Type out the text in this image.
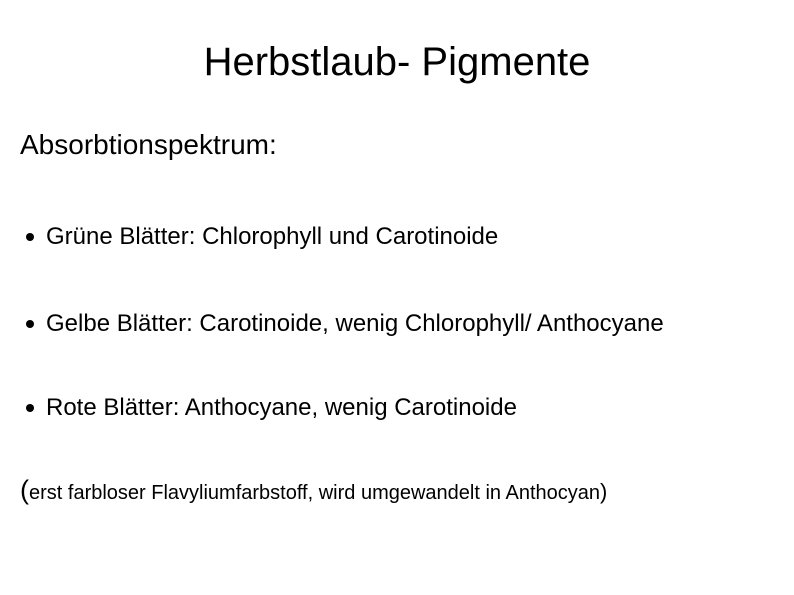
Herbstlaub- Pigmente

Absorbtionspektrum:

Grüne Blätter: Chlorophyll und Carotinoide
Gelbe Blätter: Carotinoide, wenig Chlorophyll/ Anthocyane
Rote Blätter: Anthocyane, wenig Carotinoide

(erst farbloser Flavyliumfarbstoff, wird umgewandelt in Anthocyan)
